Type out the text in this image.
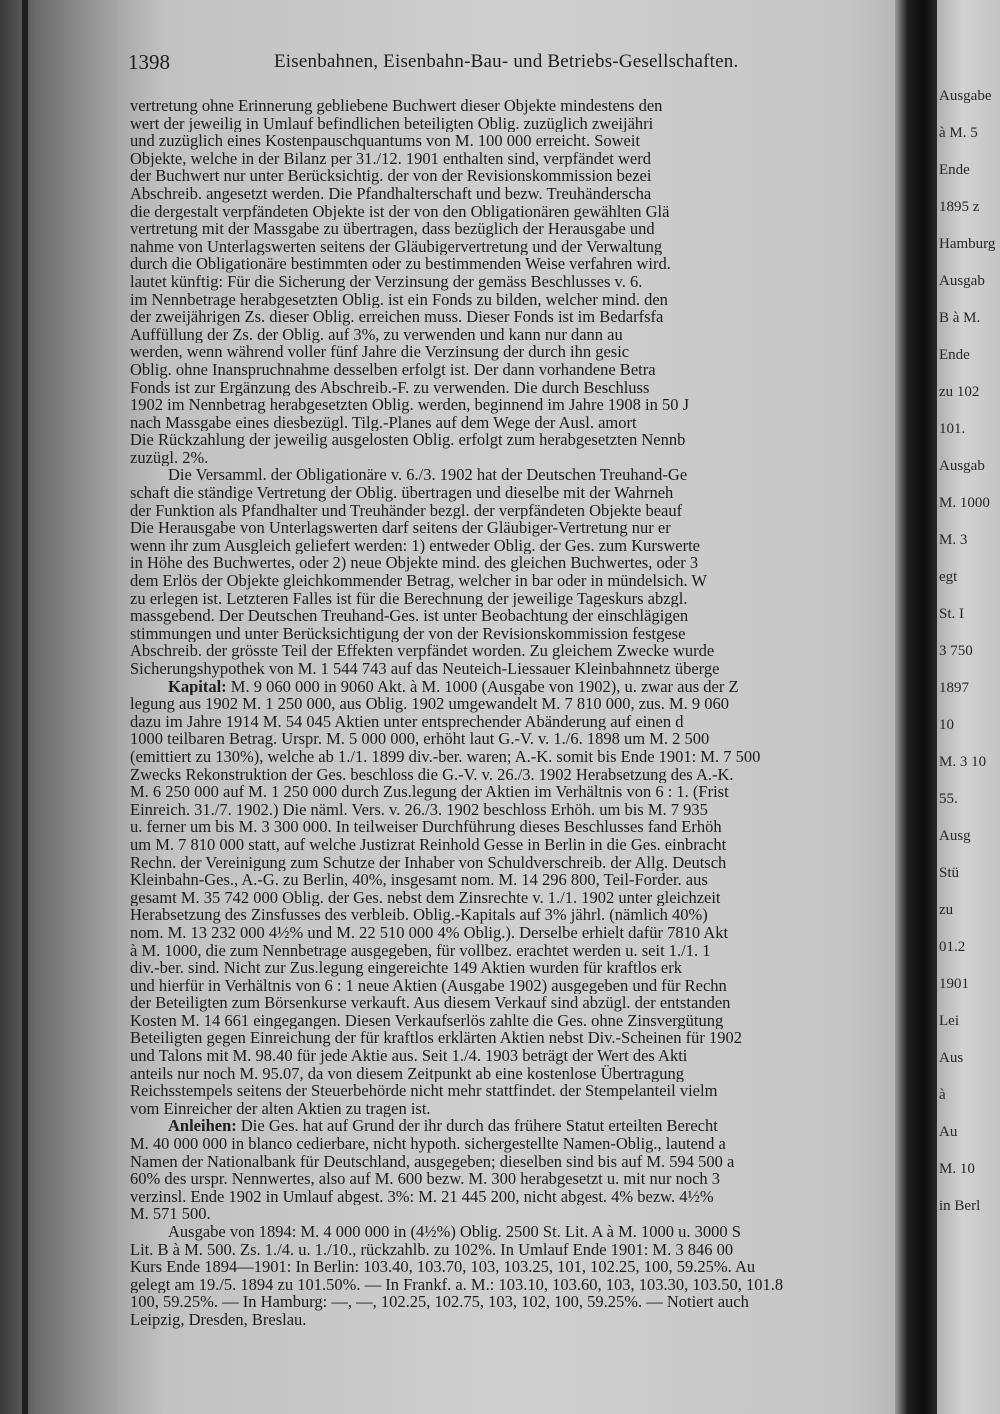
Ausgabe
à M. 5
Ende
1895 z
Hamburg
Ausgab
B à M.
Ende
zu 102
101.
Ausgab
M. 1000
M. 3
egt
St. I
3 750
1897
10
M. 3 10
55.
Ausg
Stü
zu
01.2
1901
Lei
Aus
à
Au
M. 10
in Berl
1398	Eisenbahnen, Eisenbahn-Bau- und Betriebs-Gesellschaften.
vertretung ohne Erinnerung gebliebene Buchwert dieser Objekte mindestens den
wert der jeweilig in Umlauf befindlichen beteiligten Oblig. zuzüglich zweijähri
und zuzüglich eines Kostenpauschquantums von M. 100 000 erreicht. Soweit
Objekte, welche in der Bilanz per 31./12. 1901 enthalten sind, verpfändet werd
der Buchwert nur unter Berücksichtig. der von der Revisionskommission bezei
Abschreib. angesetzt werden. Die Pfandhalterschaft und bezw. Treuhänderscha
die dergestalt verpfändeten Objekte ist der von den Obligationären gewählten Glä
vertretung mit der Massgabe zu übertragen, dass bezüglich der Herausgabe und
nahme von Unterlagswerten seitens der Gläubigervertretung und der Verwaltung
durch die Obligationäre bestimmten oder zu bestimmenden Weise verfahren wird.
lautet künftig: Für die Sicherung der Verzinsung der gemäss Beschlusses v. 6.
im Nennbetrage herabgesetzten Oblig. ist ein Fonds zu bilden, welcher mind. den
der zweijährigen Zs. dieser Oblig. erreichen muss. Dieser Fonds ist im Bedarfsfa
Auffüllung der Zs. der Oblig. auf 3%, zu verwenden und kann nur dann au
werden, wenn während voller fünf Jahre die Verzinsung der durch ihn gesic
Oblig. ohne Inanspruchnahme desselben erfolgt ist. Der dann vorhandene Betra
Fonds ist zur Ergänzung des Abschreib.-F. zu verwenden. Die durch Beschluss
1902 im Nennbetrag herabgesetzten Oblig. werden, beginnend im Jahre 1908 in 50 J
nach Massgabe eines diesbezügl. Tilg.-Planes auf dem Wege der Ausl. amort
Die Rückzahlung der jeweilig ausgelosten Oblig. erfolgt zum herabgesetzten Nennb
zuzügl. 2%.
Die Versamml. der Obligationäre v. 6./3. 1902 hat der Deutschen Treuhand-Ge
schaft die ständige Vertretung der Oblig. übertragen und dieselbe mit der Wahrneh
der Funktion als Pfandhalter und Treuhänder bezgl. der verpfändeten Objekte beauf
Die Herausgabe von Unterlagswerten darf seitens der Gläubiger-Vertretung nur er
wenn ihr zum Ausgleich geliefert werden: 1) entweder Oblig. der Ges. zum Kurswerte
in Höhe des Buchwertes, oder 2) neue Objekte mind. des gleichen Buchwertes, oder 3
dem Erlös der Objekte gleichkommender Betrag, welcher in bar oder in mündelsich. W
zu erlegen ist. Letzteren Falles ist für die Berechnung der jeweilige Tageskurs abzgl.
massgebend. Der Deutschen Treuhand-Ges. ist unter Beobachtung der einschlägigen
stimmungen und unter Berücksichtigung der von der Revisionskommission festgese
Abschreib. der grösste Teil der Effekten verpfändet worden. Zu gleichem Zwecke wurde
Sicherungshypothek von M. 1 544 743 auf das Neuteich-Liessauer Kleinbahnnetz überge
Kapital: M. 9 060 000 in 9060 Akt. à M. 1000 (Ausgabe von 1902), u. zwar aus der Z
legung aus 1902 M. 1 250 000, aus Oblig. 1902 umgewandelt M. 7 810 000, zus. M. 9 060
dazu im Jahre 1914 M. 54 045 Aktien unter entsprechender Abänderung auf einen d
1000 teilbaren Betrag. Urspr. M. 5 000 000, erhöht laut G.-V. v. 1./6. 1898 um M. 2 500
(emittiert zu 130%), welche ab 1./1. 1899 div.-ber. waren; A.-K. somit bis Ende 1901: M. 7 500
Zwecks Rekonstruktion der Ges. beschloss die G.-V. v. 26./3. 1902 Herabsetzung des A.-K.
M. 6 250 000 auf M. 1 250 000 durch Zus.legung der Aktien im Verhältnis von 6 : 1. (Frist
Einreich. 31./7. 1902.) Die näml. Vers. v. 26./3. 1902 beschloss Erhöh. um bis M. 7 935
u. ferner um bis M. 3 300 000. In teilweiser Durchführung dieses Beschlusses fand Erhöh
um M. 7 810 000 statt, auf welche Justizrat Reinhold Gesse in Berlin in die Ges. einbracht
Rechn. der Vereinigung zum Schutze der Inhaber von Schuldverschreib. der Allg. Deutsch
Kleinbahn-Ges., A.-G. zu Berlin, 40%, insgesamt nom. M. 14 296 800, Teil-Forder. aus
gesamt M. 35 742 000 Oblig. der Ges. nebst dem Zinsrechte v. 1./1. 1902 unter gleichzeit
Herabsetzung des Zinsfusses des verbleib. Oblig.-Kapitals auf 3% jährl. (nämlich 40%)
nom. M. 13 232 000 4½% und M. 22 510 000 4% Oblig.). Derselbe erhielt dafür 7810 Akt
à M. 1000, die zum Nennbetrage ausgegeben, für vollbez. erachtet werden u. seit 1./1. 1
div.-ber. sind. Nicht zur Zus.legung eingereichte 149 Aktien wurden für kraftlos erk
und hierfür in Verhältnis von 6 : 1 neue Aktien (Ausgabe 1902) ausgegeben und für Rechn
der Beteiligten zum Börsenkurse verkauft. Aus diesem Verkauf sind abzügl. der entstanden
Kosten M. 14 661 eingegangen. Diesen Verkaufserlös zahlte die Ges. ohne Zinsvergütung
Beteiligten gegen Einreichung der für kraftlos erklärten Aktien nebst Div.-Scheinen für 1902
und Talons mit M. 98.40 für jede Aktie aus. Seit 1./4. 1903 beträgt der Wert des Akti
anteils nur noch M. 95.07, da von diesem Zeitpunkt ab eine kostenlose Übertragung
Reichsstempels seitens der Steuerbehörde nicht mehr stattfindet. der Stempelanteil vielm
vom Einreicher der alten Aktien zu tragen ist.
Anleihen: Die Ges. hat auf Grund der ihr durch das frühere Statut erteilten Berecht
M. 40 000 000 in blanco cedierbare, nicht hypoth. sichergestellte Namen-Oblig., lautend a
Namen der Nationalbank für Deutschland, ausgegeben; dieselben sind bis auf M. 594 500 a
60% des urspr. Nennwertes, also auf M. 600 bezw. M. 300 herabgesetzt u. mit nur noch 3
verzinsl. Ende 1902 in Umlauf abgest. 3%: M. 21 445 200, nicht abgest. 4% bezw. 4½%
M. 571 500.
Ausgabe von 1894: M. 4 000 000 in (4½%) Oblig. 2500 St. Lit. A à M. 1000 u. 3000 S
Lit. B à M. 500. Zs. 1./4. u. 1./10., rückzahlb. zu 102%. In Umlauf Ende 1901: M. 3 846 00
Kurs Ende 1894—1901: In Berlin: 103.40, 103.70, 103, 103.25, 101, 102.25, 100, 59.25%. Au
gelegt am 19./5. 1894 zu 101.50%. — In Frankf. a. M.: 103.10, 103.60, 103, 103.30, 103.50, 101.8
100, 59.25%. — In Hamburg: —, —, 102.25, 102.75, 103, 102, 100, 59.25%. — Notiert auch
Leipzig, Dresden, Breslau.
